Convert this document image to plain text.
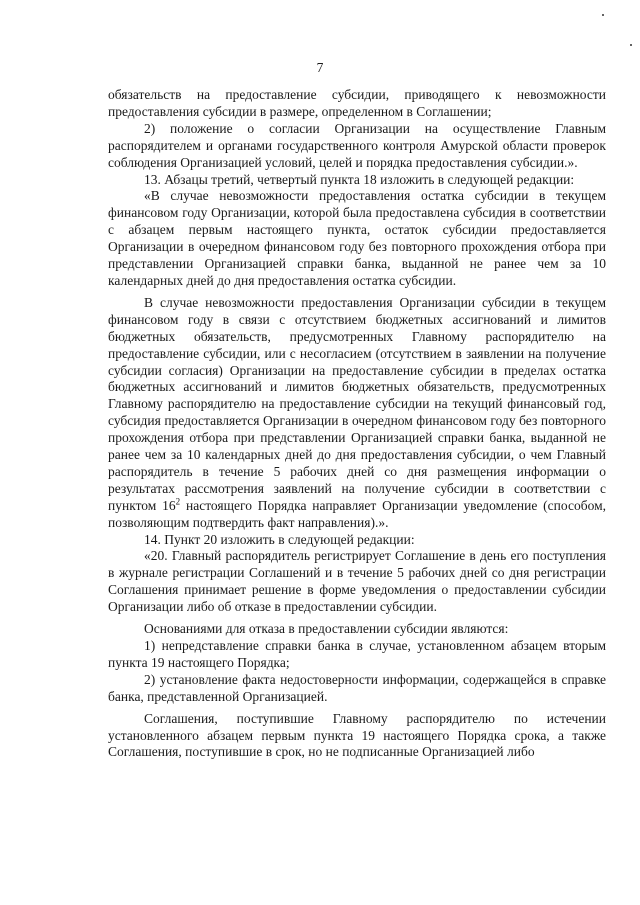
7

обязательств на предоставление субсидии, приводящего к невозможности предоставления субсидии в размере, определенном в Соглашении;

2) положение о согласии Организации на осуществление Главным распорядителем и органами государственного контроля Амурской области проверок соблюдения Организацией условий, целей и порядка предоставления субсидии.».

13. Абзацы третий, четвертый пункта 18 изложить в следующей редакции:

«В случае невозможности предоставления остатка субсидии в текущем финансовом году Организации, которой была предоставлена субсидия в соответствии с абзацем первым настоящего пункта, остаток субсидии предоставляется Организации в очередном финансовом году без повторного прохождения отбора при представлении Организацией справки банка, выданной не ранее чем за 10 календарных дней до дня предоставления остатка субсидии.

В случае невозможности предоставления Организации субсидии в текущем финансовом году в связи с отсутствием бюджетных ассигнований и лимитов бюджетных обязательств, предусмотренных Главному распорядителю на предоставление субсидии, или с несогласием (отсутствием в заявлении на получение субсидии согласия) Организации на предоставление субсидии в пределах остатка бюджетных ассигнований и лимитов бюджетных обязательств, предусмотренных Главному распорядителю на предоставление субсидии на текущий финансовый год, субсидия предоставляется Организации в очередном финансовом году без повторного прохождения отбора при представлении Организацией справки банка, выданной не ранее чем за 10 календарных дней до дня предоставления субсидии, о чем Главный распорядитель в течение 5 рабочих дней со дня размещения информации о результатах рассмотрения заявлений на получение субсидии в соответствии с пунктом $16^2$ настоящего Порядка направляет Организации уведомление (способом, позволяющим подтвердить факт направления).».

14. Пункт 20 изложить в следующей редакции:

«20. Главный распорядитель регистрирует Соглашение в день его поступления в журнале регистрации Соглашений и в течение 5 рабочих дней со дня регистрации Соглашения принимает решение в форме уведомления о предоставлении субсидии Организации либо об отказе в предоставлении субсидии.

Основаниями для отказа в предоставлении субсидии являются:

1) непредставление справки банка в случае, установленном абзацем вторым пункта 19 настоящего Порядка;

2) установление факта недостоверности информации, содержащейся в справке банка, представленной Организацией.

Соглашения, поступившие Главному распорядителю по истечении установленного абзацем первым пункта 19 настоящего Порядка срока, а также Соглашения, поступившие в срок, но не подписанные Организацией либо
